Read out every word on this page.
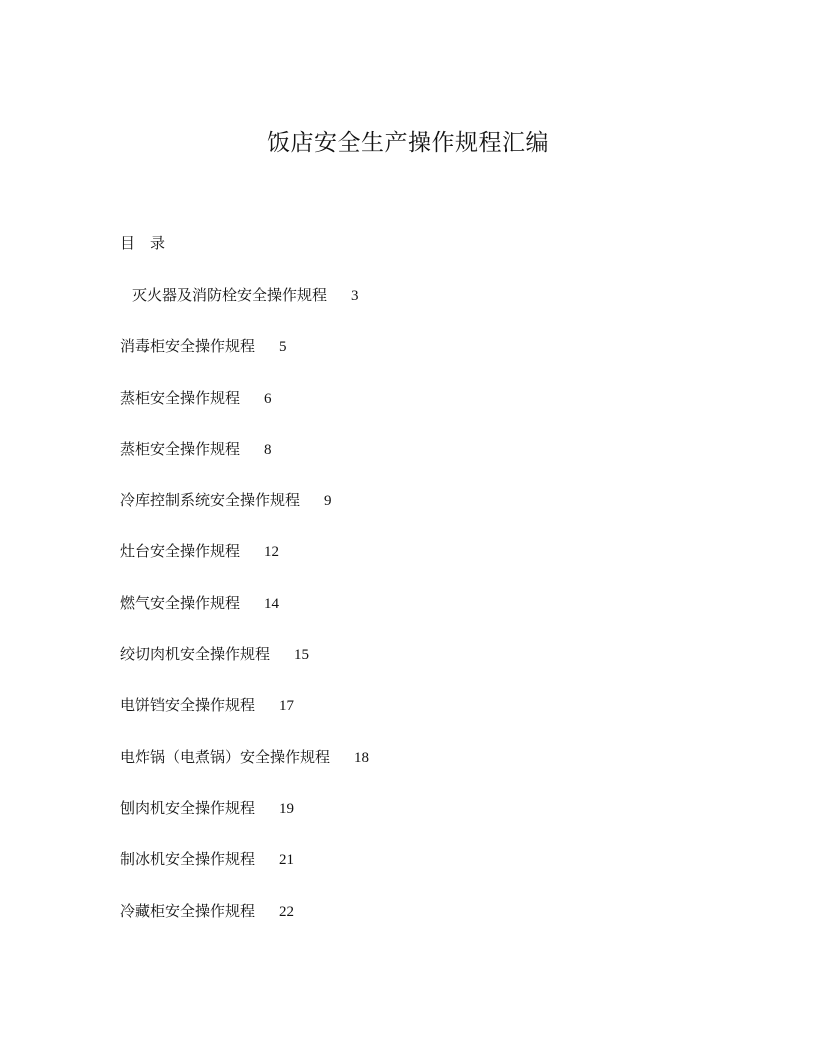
饭店安全生产操作规程汇编
目　录
灭火器及消防栓安全操作规程 3
消毒柜安全操作规程 5
蒸柜安全操作规程 6
蒸柜安全操作规程 8
冷库控制系统安全操作规程 9
灶台安全操作规程 12
燃气安全操作规程 14
绞切肉机安全操作规程 15
电饼铛安全操作规程 17
电炸锅（电煮锅）安全操作规程 18
刨肉机安全操作规程 19
制冰机安全操作规程 21
冷藏柜安全操作规程 22
